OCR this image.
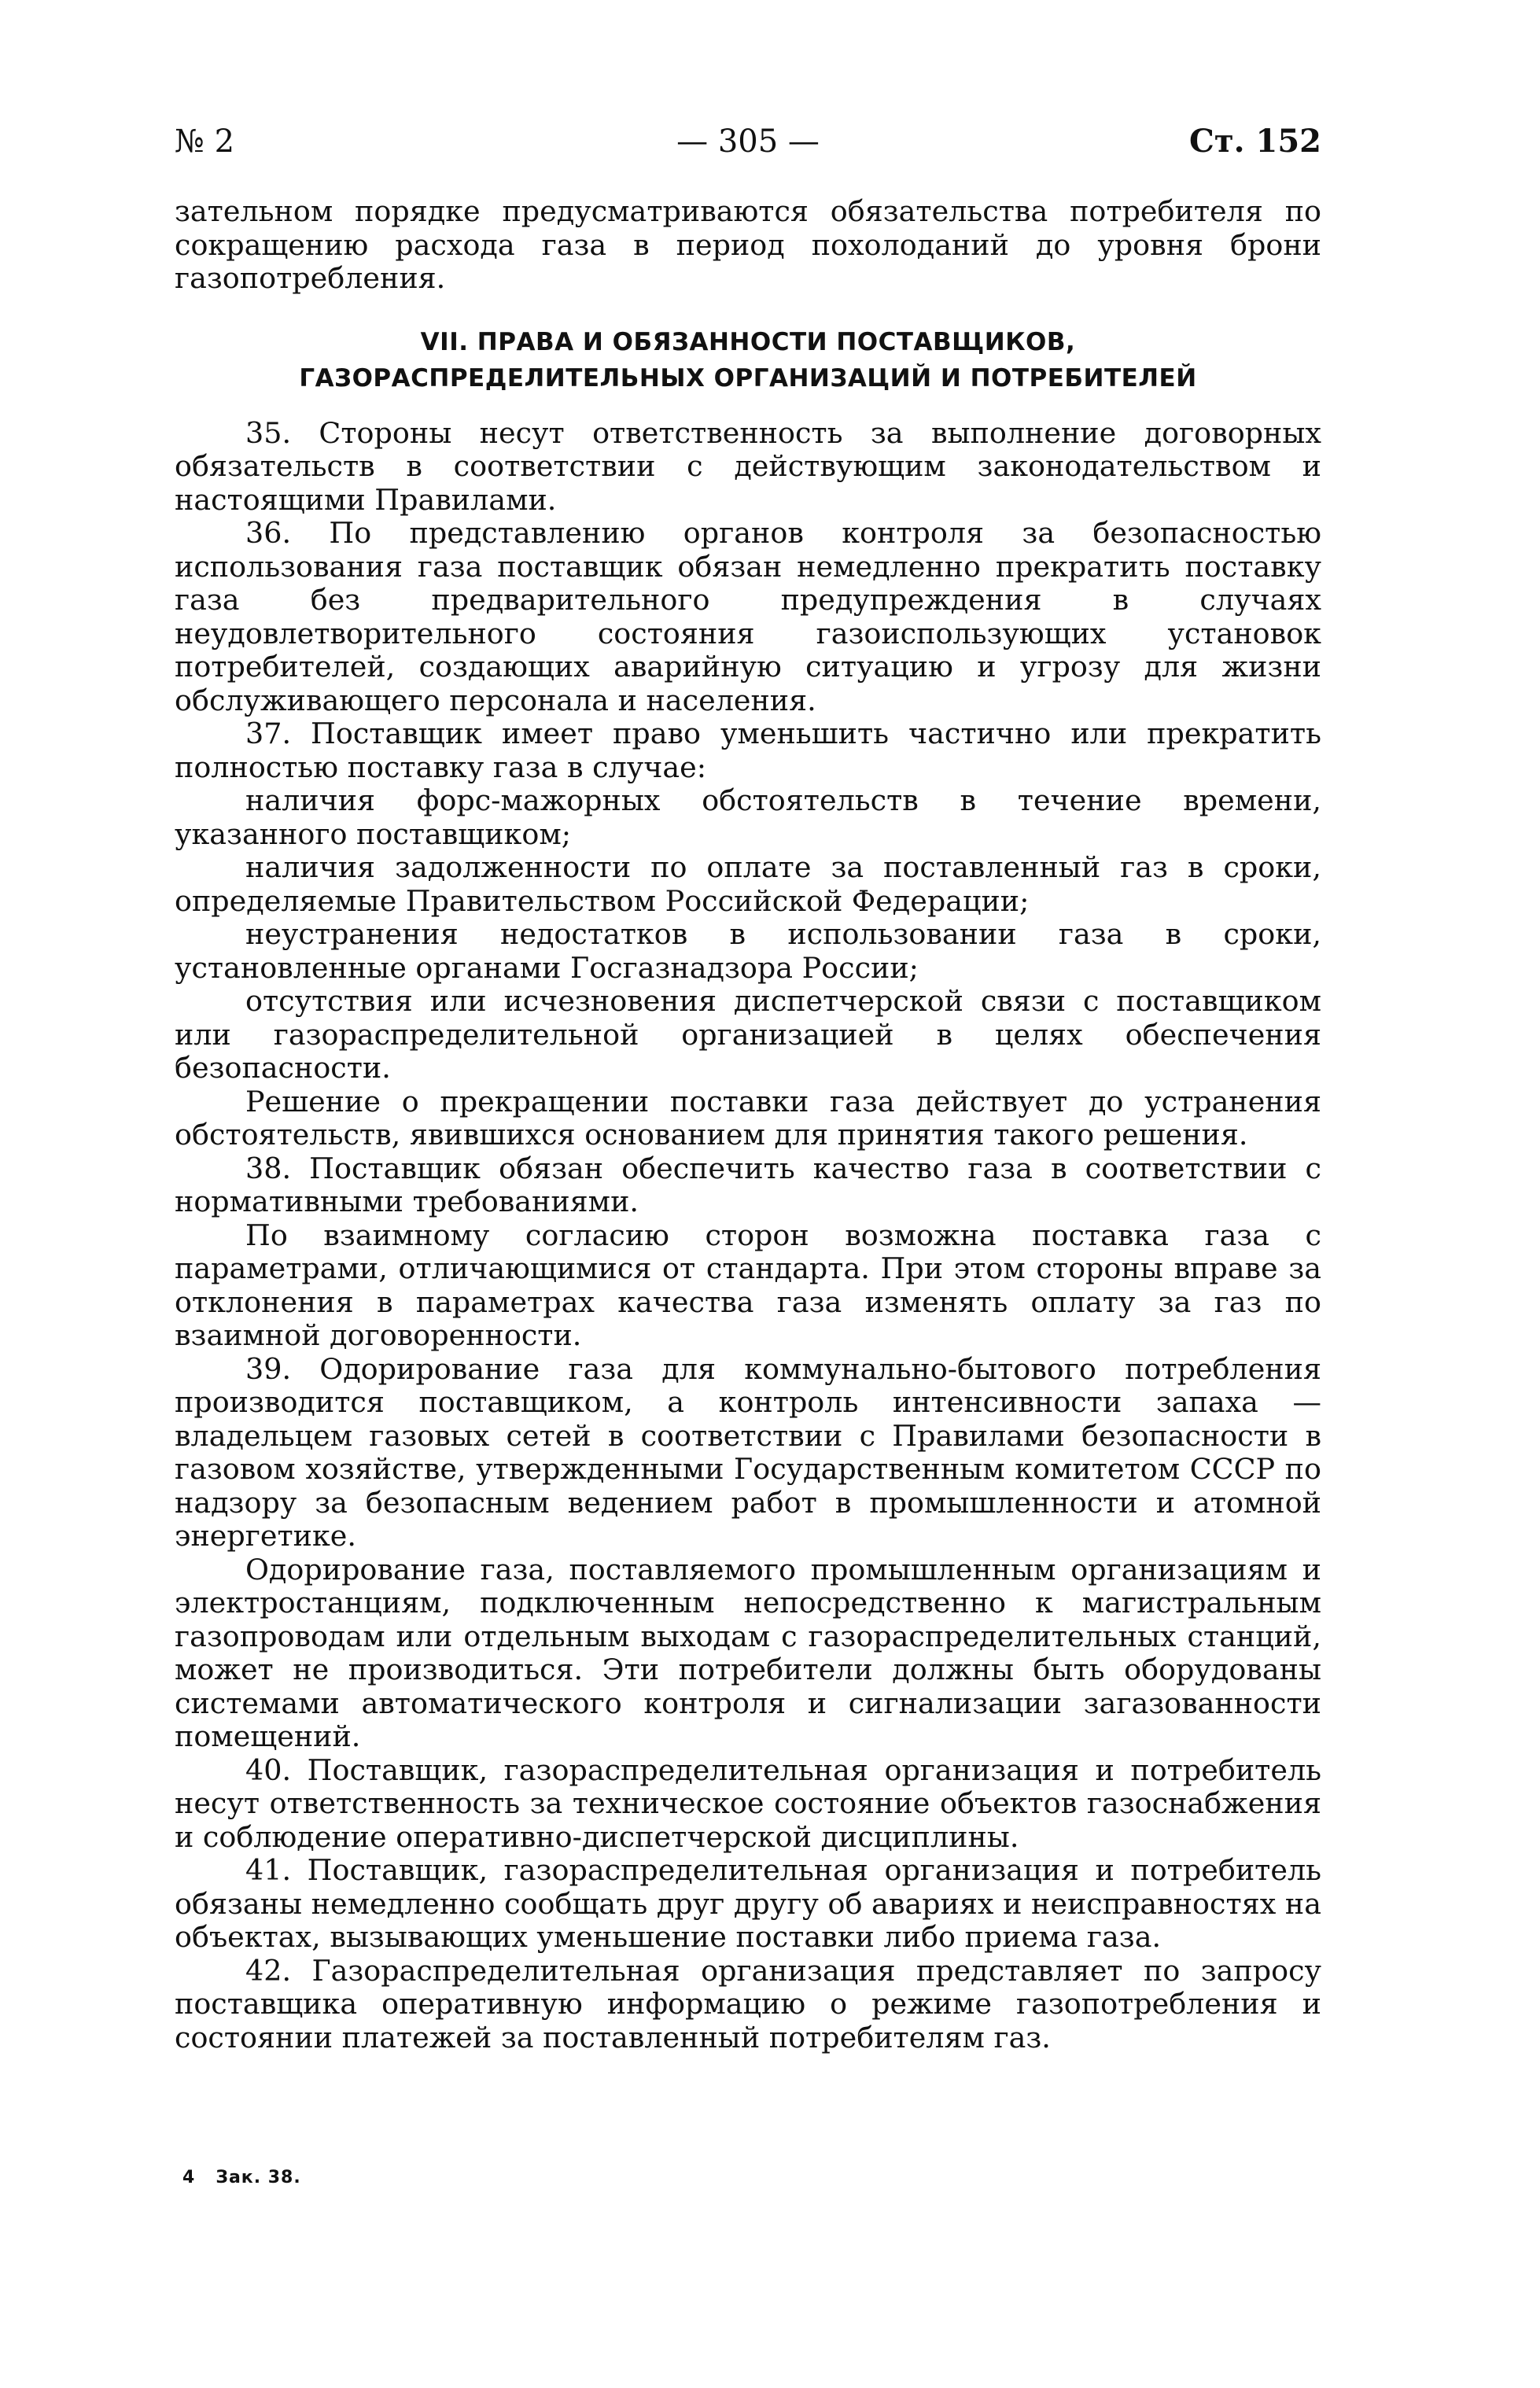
№ 2	— 305 —	Ст. 152

зательном порядке предусматриваются обязательства потребителя по сокращению расхода газа в период похолоданий до уровня брони газопотребления.

VII. ПРАВА И ОБЯЗАННОСТИ ПОСТАВЩИКОВ,
ГАЗОРАСПРЕДЕЛИТЕЛЬНЫХ ОРГАНИЗАЦИЙ И ПОТРЕБИТЕЛЕЙ

35. Стороны несут ответственность за выполнение договорных обязательств в соответствии с действующим законодательством и настоящими Правилами.

36. По представлению органов контроля за безопасностью использования газа поставщик обязан немедленно прекратить поставку газа без предварительного предупреждения в случаях неудовлетворительного состояния газоиспользующих установок потребителей, создающих аварийную ситуацию и угрозу для жизни обслуживающего персонала и населения.

37. Поставщик имеет право уменьшить частично или прекратить полностью поставку газа в случае:

наличия форс-мажорных обстоятельств в течение времени, указанного поставщиком;

наличия задолженности по оплате за поставленный газ в сроки, определяемые Правительством Российской Федерации;

неустранения недостатков в использовании газа в сроки, установленные органами Госгазнадзора России;

отсутствия или исчезновения диспетчерской связи с поставщиком или газораспределительной организацией в целях обеспечения безопасности.

Решение о прекращении поставки газа действует до устранения обстоятельств, явившихся основанием для принятия такого решения.

38. Поставщик обязан обеспечить качество газа в соответствии с нормативными требованиями.

По взаимному согласию сторон возможна поставка газа с параметрами, отличающимися от стандарта. При этом стороны вправе за отклонения в параметрах качества газа изменять оплату за газ по взаимной договоренности.

39. Одорирование газа для коммунально-бытового потребления производится поставщиком, а контроль интенсивности запаха — владельцем газовых сетей в соответствии с Правилами безопасности в газовом хозяйстве, утвержденными Государственным комитетом СССР по надзору за безопасным ведением работ в промышленности и атомной энергетике.

Одорирование газа, поставляемого промышленным организациям и электростанциям, подключенным непосредственно к магистральным газопроводам или отдельным выходам с газораспределительных станций, может не производиться. Эти потребители должны быть оборудованы системами автоматического контроля и сигнализации загазованности помещений.

40. Поставщик, газораспределительная организация и потребитель несут ответственность за техническое состояние объектов газоснабжения и соблюдение оперативно-диспетчерской дисциплины.

41. Поставщик, газораспределительная организация и потребитель обязаны немедленно сообщать друг другу об авариях и неисправностях на объектах, вызывающих уменьшение поставки либо приема газа.

42. Газораспределительная организация представляет по запросу поставщика оперативную информацию о режиме газопотребления и состоянии платежей за поставленный потребителям газ.

4 Зак. 38.
